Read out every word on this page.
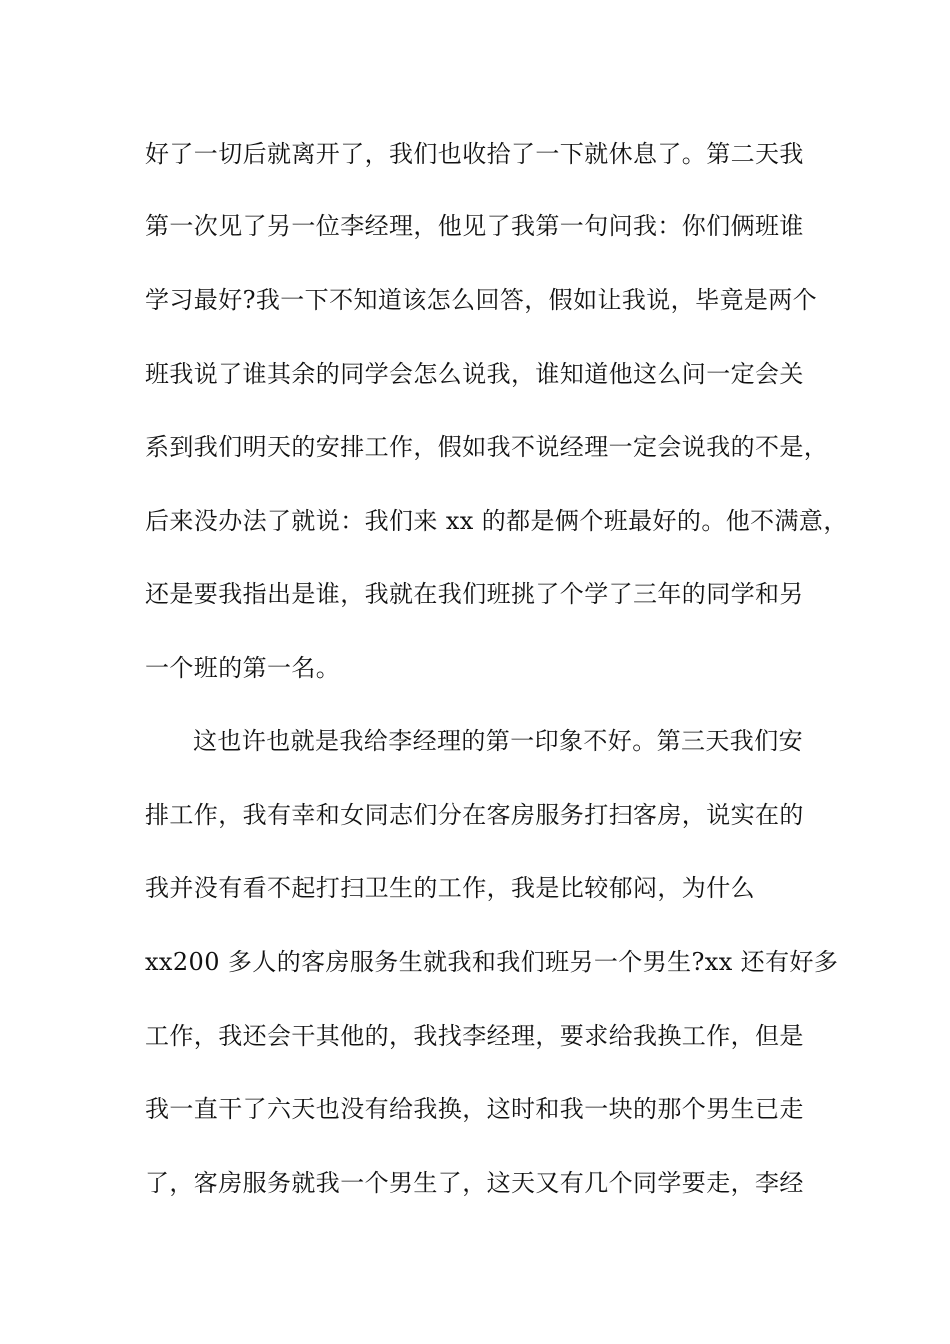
好了一切后就离开了，我们也收拾了一下就休息了。第二天我
第一次见了另一位李经理，他见了我第一句问我：你们俩班谁
学习最好?我一下不知道该怎么回答，假如让我说，毕竟是两个
班我说了谁其余的同学会怎么说我，谁知道他这么问一定会关
系到我们明天的安排工作，假如我不说经理一定会说我的不是，
后来没办法了就说：我们来 xx 的都是俩个班最好的。他不满意，
还是要我指出是谁，我就在我们班挑了个学了三年的同学和另
一个班的第一名。
这也许也就是我给李经理的第一印象不好。第三天我们安
排工作，我有幸和女同志们分在客房服务打扫客房，说实在的
我并没有看不起打扫卫生的工作，我是比较郁闷，为什么
xx200 多人的客房服务生就我和我们班另一个男生?xx 还有好多
工作，我还会干其他的，我找李经理，要求给我换工作，但是
我一直干了六天也没有给我换，这时和我一块的那个男生已走
了，客房服务就我一个男生了，这天又有几个同学要走，李经
